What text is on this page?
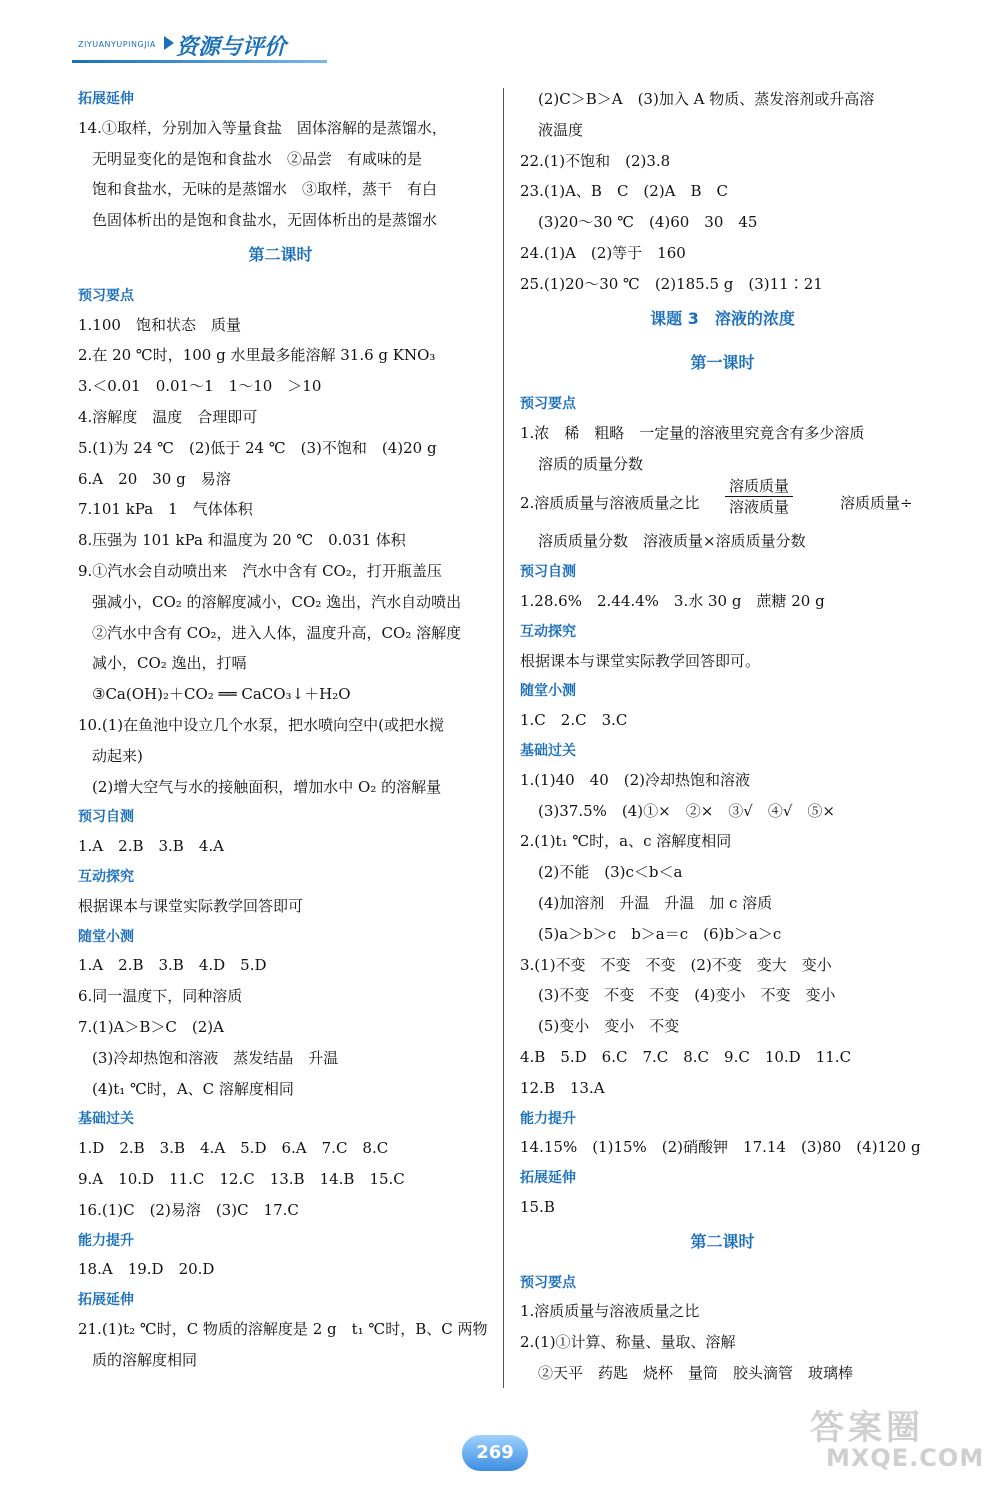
ZIYUANYUPINGJIA 资源与评价
拓展延伸
14.①取样，分别加入等量食盐　固体溶解的是蒸馏水，
无明显变化的是饱和食盐水　②品尝　有咸味的是
饱和食盐水，无味的是蒸馏水　③取样，蒸干　有白
色固体析出的是饱和食盐水，无固体析出的是蒸馏水
第二课时
预习要点
1.100　饱和状态　质量
2.在 20 ℃时，100 g 水里最多能溶解 31.6 g KNO₃
3.＜0.01　0.01～1　1～10　＞10
4.溶解度　温度　合理即可
5.(1)为 24 ℃　(2)低于 24 ℃　(3)不饱和　(4)20 g
6.A　20　30 g　易溶
7.101 kPa　1　气体体积
8.压强为 101 kPa 和温度为 20 ℃　0.031 体积
9.①汽水会自动喷出来　汽水中含有 CO₂，打开瓶盖压
强减小，CO₂ 的溶解度减小，CO₂ 逸出，汽水自动喷出
②汽水中含有 CO₂，进入人体，温度升高，CO₂ 溶解度
减小，CO₂ 逸出，打嗝
③Ca(OH)₂＋CO₂ ══ CaCO₃↓＋H₂O
10.(1)在鱼池中设立几个水泵，把水喷向空中(或把水搅
动起来)
(2)增大空气与水的接触面积，增加水中 O₂ 的溶解量
预习自测
1.A　2.B　3.B　4.A
互动探究
根据课本与课堂实际教学回答即可
随堂小测
1.A　2.B　3.B　4.D　5.D
6.同一温度下，同种溶质
7.(1)A＞B＞C　(2)A
(3)冷却热饱和溶液　蒸发结晶　升温
(4)t₁ ℃时，A、C 溶解度相同
基础过关
1.D　2.B　3.B　4.A　5.D　6.A　7.C　8.C
9.A　10.D　11.C　12.C　13.B　14.B　15.C
16.(1)C　(2)易溶　(3)C　17.C
能力提升
18.A　19.D　20.D
拓展延伸
21.(1)t₂ ℃时，C 物质的溶解度是 2 g　t₁ ℃时，B、C 两物
质的溶解度相同
(2)C＞B＞A　(3)加入 A 物质、蒸发溶剂或升高溶
液温度
22.(1)不饱和　(2)3.8
23.(1)A、B　C　(2)A　B　C
(3)20～30 ℃　(4)60　30　45
24.(1)A　(2)等于　160
25.(1)20～30 ℃　(2)185.5 g　(3)11∶21
课题 3　溶液的浓度
第一课时
预习要点
1.浓　稀　粗略　一定量的溶液里究竟含有多少溶质
溶质的质量分数
2.溶质质量与溶液质量之比
溶质质量
溶液质量	溶质质量÷
溶质质量分数　溶液质量×溶质质量分数
预习自测
1.28.6%　2.44.4%　3.水 30 g　蔗糖 20 g
互动探究
根据课本与课堂实际教学回答即可。
随堂小测
1.C　2.C　3.C
基础过关
1.(1)40　40　(2)冷却热饱和溶液
(3)37.5%　(4)①×　②×　③√　④√　⑤×
2.(1)t₁ ℃时，a、c 溶解度相同
(2)不能　(3)c＜b＜a
(4)加溶剂　升温　升温　加 c 溶质
(5)a＞b＞c　b＞a＝c　(6)b＞a＞c
3.(1)不变　不变　不变　(2)不变　变大　变小
(3)不变　不变　不变　(4)变小　不变　变小
(5)变小　变小　不变
4.B　5.D　6.C　7.C　8.C　9.C　10.D　11.C
12.B　13.A
能力提升
14.15%　(1)15%　(2)硝酸钾　17.14　(3)80　(4)120 g
拓展延伸
15.B
第二课时
预习要点
1.溶质质量与溶液质量之比
2.(1)①计算、称量、量取、溶解
②天平　药匙　烧杯　量筒　胶头滴管　玻璃棒
269
答案圈
MXQE.COM
